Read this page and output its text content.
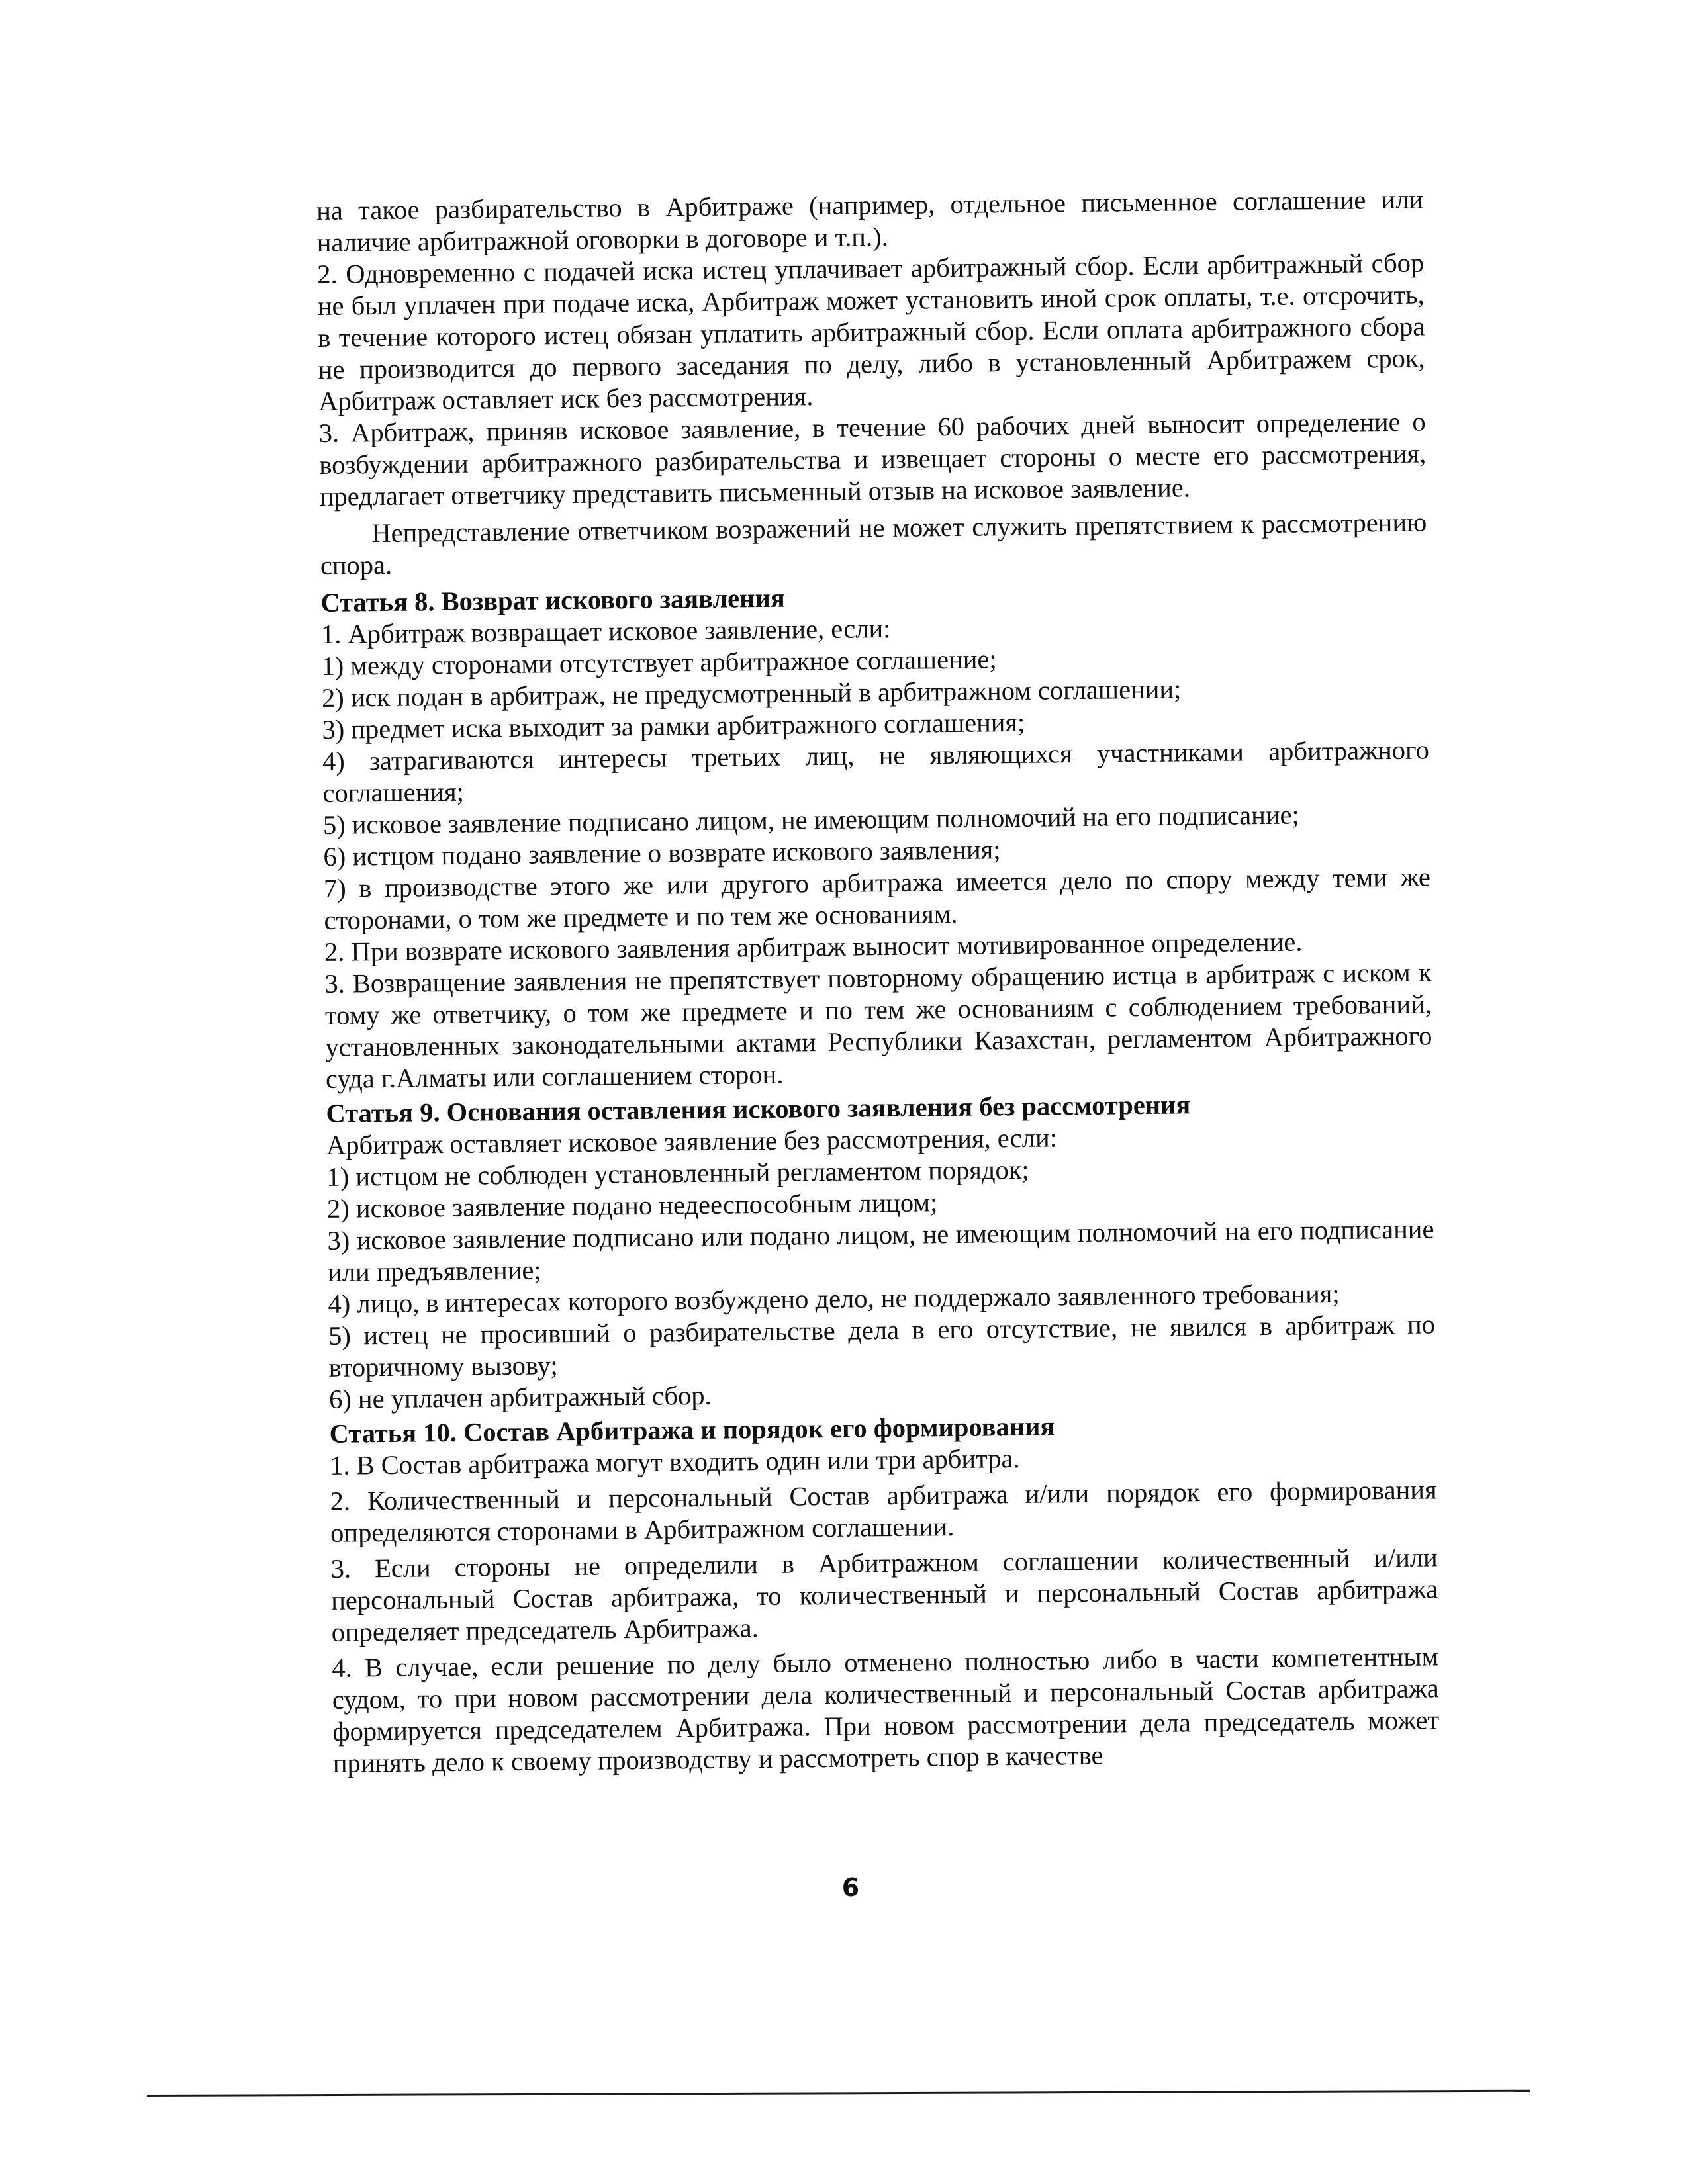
на такое разбирательство в Арбитраже (например, отдельное письменное соглашение или наличие арбитражной оговорки в договоре и т.п.).

2. Одновременно с подачей иска истец уплачивает арбитражный сбор. Если арбитражный сбор не был уплачен при подаче иска, Арбитраж может установить иной срок оплаты, т.е. отсрочить, в течение которого истец обязан уплатить арбитражный сбор. Если оплата арбитражного сбора не производится до первого заседания по делу, либо в установленный Арбитражем срок, Арбитраж оставляет иск без рассмотрения.

3. Арбитраж, приняв исковое заявление, в течение 60 рабочих дней выносит определение о возбуждении арбитражного разбирательства и извещает стороны о месте его рассмотрения, предлагает ответчику представить письменный отзыв на исковое заявление.

Непредставление ответчиком возражений не может служить препятствием к рассмотрению спора.

Статья 8. Возврат искового заявления

1. Арбитраж возвращает исковое заявление, если:

1) между сторонами отсутствует арбитражное соглашение;

2) иск подан в арбитраж, не предусмотренный в арбитражном соглашении;

3) предмет иска выходит за рамки арбитражного соглашения;

4) затрагиваются интересы третьих лиц, не являющихся участниками арбитражного соглашения;

5) исковое заявление подписано лицом, не имеющим полномочий на его подписание;

6) истцом подано заявление о возврате искового заявления;

7) в производстве этого же или другого арбитража имеется дело по спору между теми же сторонами, о том же предмете и по тем же основаниям.

2. При возврате искового заявления арбитраж выносит мотивированное определение.

3. Возвращение заявления не препятствует повторному обращению истца в арбитраж с иском к тому же ответчику, о том же предмете и по тем же основаниям с соблюдением требований, установленных законодательными актами Республики Казахстан, регламентом Арбитражного суда г.Алматы или соглашением сторон.

Статья 9. Основания оставления искового заявления без рассмотрения

Арбитраж оставляет исковое заявление без рассмотрения, если:

1) истцом не соблюден установленный регламентом порядок;

2) исковое заявление подано недееспособным лицом;

3) исковое заявление подписано или подано лицом, не имеющим полномочий на его подписание или предъявление;

4) лицо, в интересах которого возбуждено дело, не поддержало заявленного требования;

5) истец не просивший о разбирательстве дела в его отсутствие, не явился в арбитраж по вторичному вызову;

6) не уплачен арбитражный сбор.

Статья 10. Состав Арбитража и порядок его формирования

1. В Состав арбитража могут входить один или три арбитра.

2. Количественный и персональный Состав арбитража и/или порядок его формирования определяются сторонами в Арбитражном соглашении.

3. Если стороны не определили в Арбитражном соглашении количественный и/или персональный Состав арбитража, то количественный и персональный Состав арбитража определяет председатель Арбитража.

4. В случае, если решение по делу было отменено полностью либо в части компетентным судом, то при новом рассмотрении дела количественный и персональный Состав арбитража формируется председателем Арбитража. При новом рассмотрении дела председатель может принять дело к своему производству и рассмотреть спор в качестве

6
